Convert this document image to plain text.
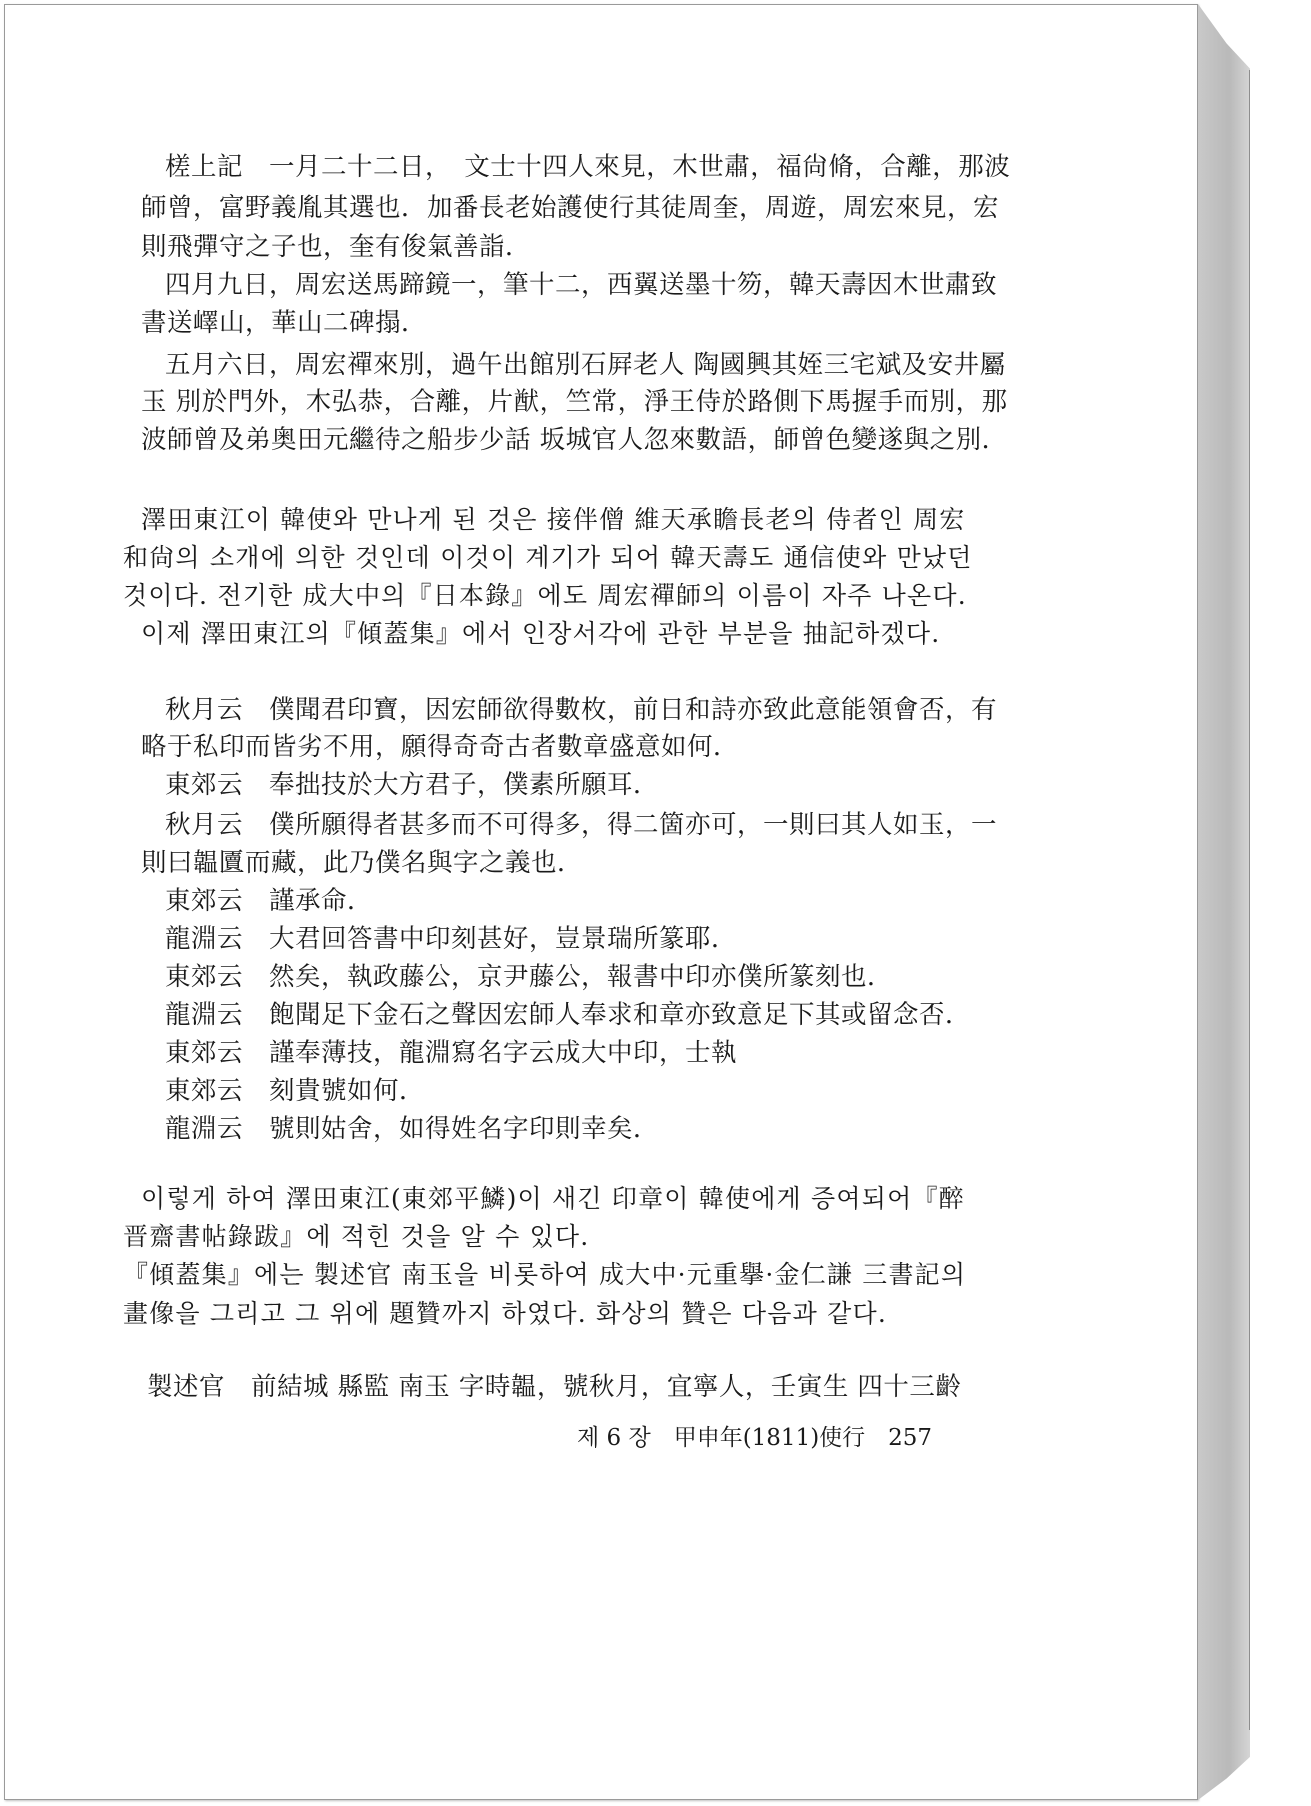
槎上記　一月二十二日，　文士十四人來見，木世肅，福尙脩，合離，那波
師曾，富野義胤其選也．加番長老始護使行其徒周奎，周遊，周宏來見，宏
則飛彈守之子也，奎有俊氣善詣．
四月九日，周宏送馬蹄鏡一，筆十二，西翼送墨十笏，韓天壽因木世肅致
書送嶧山，華山二碑搨．
五月六日，周宏禪來別，過午出館別石屛老人 陶國興其姪三宅斌及安井屬
玉 別於門外，木弘恭，合離，片猷，竺常，淨王侍於路側下馬握手而別，那
波師曾及弟奥田元繼待之船步少話 坂城官人忽來數語，師曾色變遂與之別．
澤田東江이 韓使와 만나게 된 것은 接伴僧 維天承瞻長老의 侍者인 周宏
和尙의 소개에 의한 것인데 이것이 계기가 되어 韓天壽도 通信使와 만났던
것이다. 전기한 成大中의『日本錄』에도 周宏禪師의 이름이 자주 나온다.
이제 澤田東江의『傾蓋集』에서 인장서각에 관한 부분을 抽記하겠다.
秋月云　僕聞君印寶，因宏師欲得數枚，前日和詩亦致此意能領會否，有
略于私印而皆劣不用，願得奇奇古者數章盛意如何．
東郊云　奉拙技於大方君子，僕素所願耳．
秋月云　僕所願得者甚多而不可得多，得二箇亦可，一則曰其人如玉，一
則曰韞匵而藏，此乃僕名與字之義也．
東郊云　謹承命．
龍淵云　大君回答書中印刻甚好，豈景瑞所篆耶．
東郊云　然矣，執政藤公，京尹藤公，報書中印亦僕所篆刻也．
龍淵云　飽聞足下金石之聲因宏師人奉求和章亦致意足下其或留念否．
東郊云　謹奉薄技，龍淵寫名字云成大中印，士執
東郊云　刻貴號如何．
龍淵云　號則姑舍，如得姓名字印則幸矣．
이렇게 하여 澤田東江(東郊平鱗)이 새긴 印章이 韓使에게 증여되어『醉
晋齋書帖錄跋』에 적힌 것을 알 수 있다.
『傾蓋集』에는 製述官 南玉을 비롯하여 成大中·元重擧·金仁謙 三書記의
畫像을 그리고 그 위에 題贊까지 하였다. 화상의 贊은 다음과 같다.
製述官　前結城 縣監 南玉 字時韞，號秋月，宜寧人，壬寅生 四十三齡
제 6 장　甲申年(1811)使行　257
